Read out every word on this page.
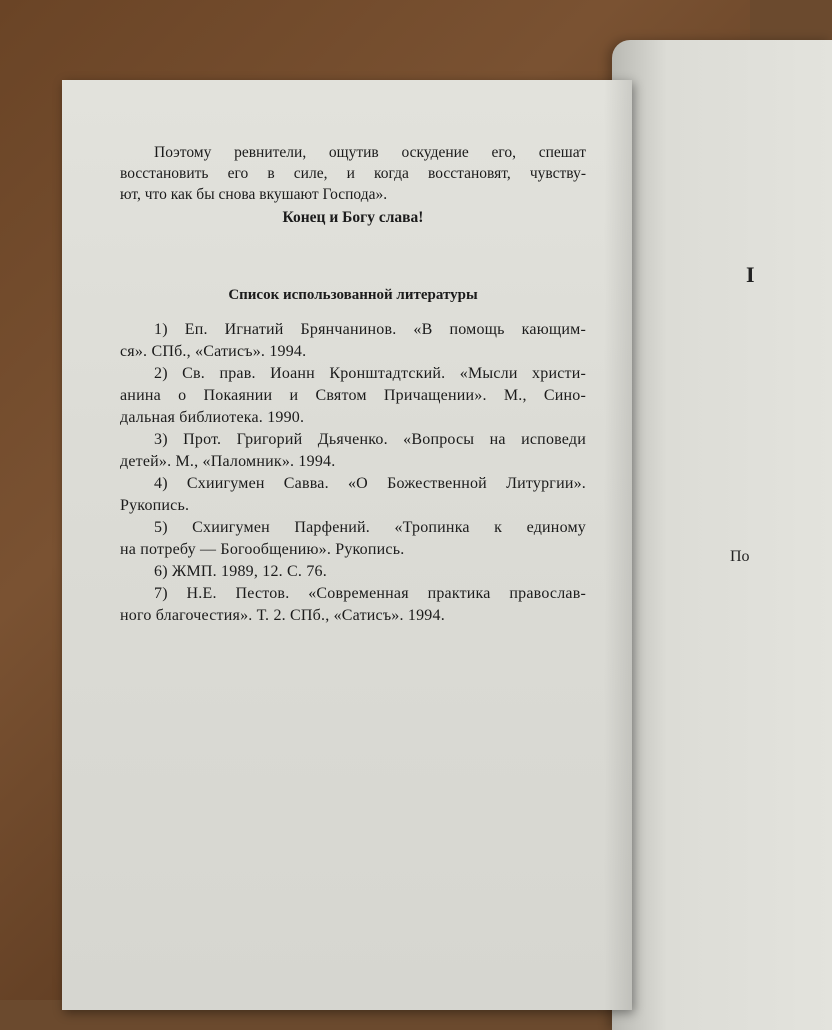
I
По

Поэтому ревнители, ощутив оскудение его, спешат
восстановить его в силе, и когда восстановят, чувству-
ют, что как бы снова вкушают Господа».

Конец и Богу слава!

Список использованной литературы

1) Еп. Игнатий Брянчанинов. «В помощь кающим-
ся». СПб., «Сатисъ». 1994.
2) Св. прав. Иоанн Кронштадтский. «Мысли христи-
анина о Покаянии и Святом Причащении». М., Сино-
дальная библиотека. 1990.
3) Прот. Григорий Дьяченко. «Вопросы на исповеди
детей». М., «Паломник». 1994.
4) Схиигумен Савва. «О Божественной Литургии».
Рукопись.
5) Схиигумен Парфений. «Тропинка к единому
на потребу — Богообщению». Рукопись.
6) ЖМП. 1989, 12. С. 76.
7) Н.Е. Пестов. «Современная практика православ-
ного благочестия». Т. 2. СПб., «Сатисъ». 1994.
